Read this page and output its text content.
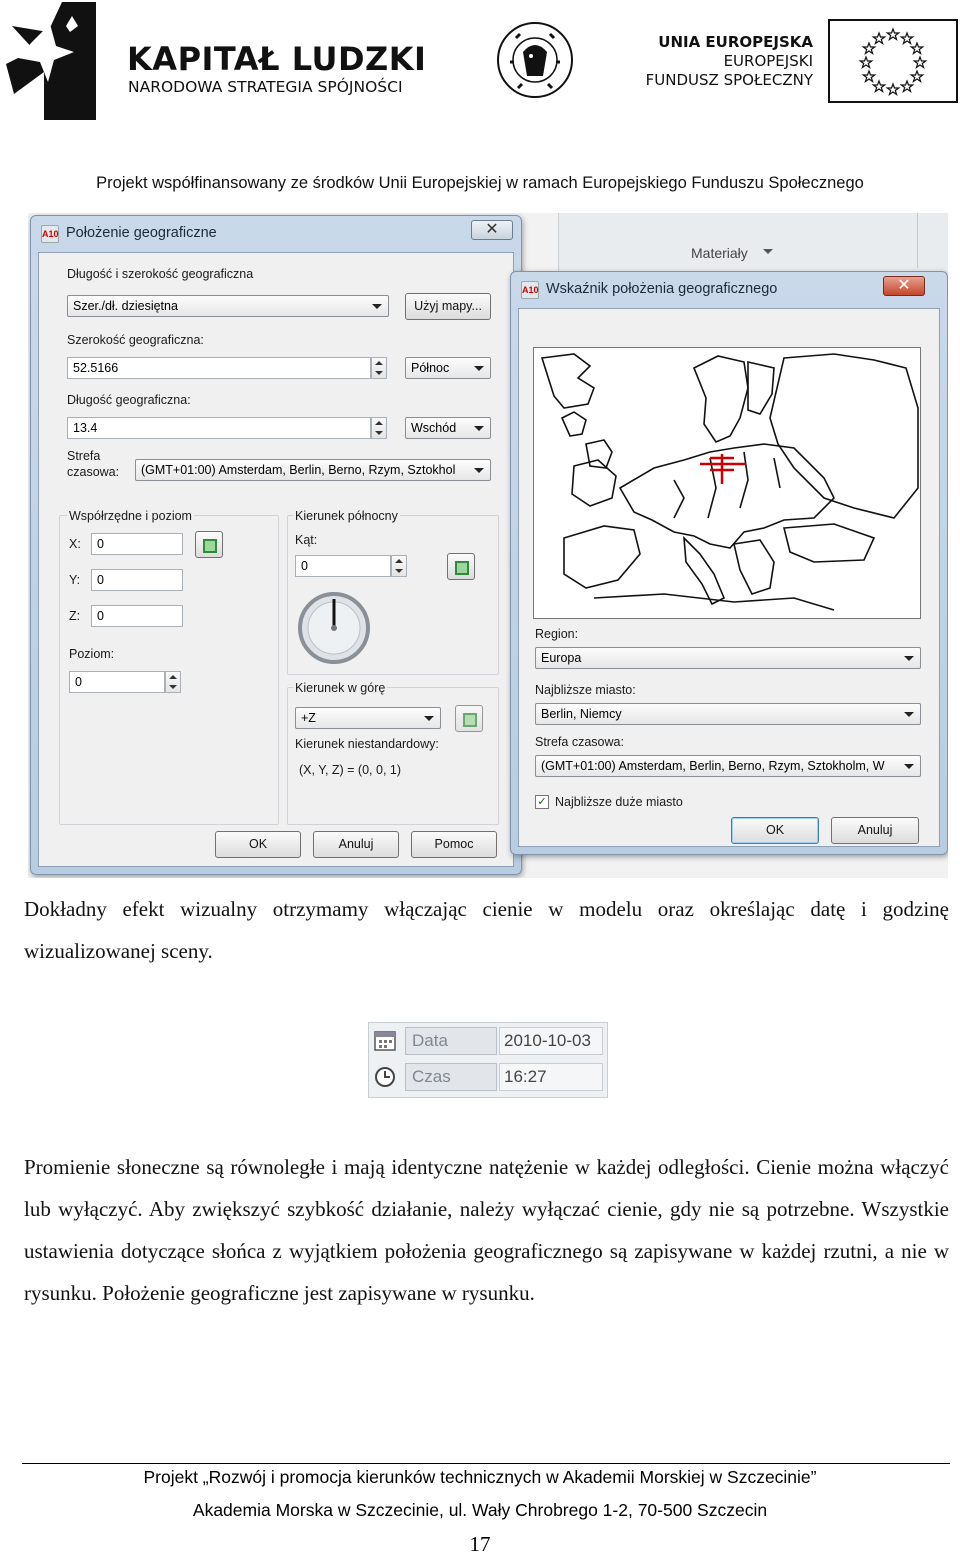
KAPITAŁ LUDZKI
NARODOWA STRATEGIA SPÓJNOŚCI
UNIA EUROPEJSKA
EUROPEJSKI
FUNDUSZ SPOŁECZNY
Projekt współfinansowany ze środków Unii Europejskiej w ramach Europejskiego Funduszu Społecznego
Materiały
A10 Położenie geograficzne	✕
Długość i szerokość geograficzna
Szer./dł. dziesiętna	Użyj mapy...
Szerokość geograficzna:
52.5166	Północ
Długość geograficzna:
13.4	Wschód
Strefa
czasowa:	(GMT+01:00) Amsterdam, Berlin, Berno, Rzym, Sztokhol
Współrzędne i poziom
X:	0
Y:	0
Z:	0
Poziom:
0
Kierunek północny
Kąt:
0
Kierunek w górę
+Z
Kierunek niestandardowy:
(X, Y, Z) = (0, 0, 1)
OK	Anuluj	Pomoc
A10 Wskaźnik położenia geograficznego	✕
Region:
Europa
Najbliższe miasto:
Berlin, Niemcy
Strefa czasowa:
(GMT+01:00) Amsterdam, Berlin, Berno, Rzym, Sztokholm, W
✓ Najbliższe duże miasto
OK	Anuluj

Dokładny efekt wizualny otrzymamy włączając cienie w modelu oraz określając datę i godzinę wizualizowanej sceny.

Data	2010-10-03
Czas	16:27

Promienie słoneczne są równoległe i mają identyczne natężenie w każdej odległości. Cienie można włączyć lub wyłączyć. Aby zwiększyć szybkość działanie, należy wyłączać cienie, gdy nie są potrzebne. Wszystkie ustawienia dotyczące słońca z wyjątkiem położenia geograficznego są zapisywane w każdej rzutni, a nie w rysunku. Położenie geograficzne jest zapisywane w rysunku.

Projekt „Rozwój i promocja kierunków technicznych w Akademii Morskiej w Szczecinie”
Akademia Morska w Szczecinie, ul. Wały Chrobrego 1-2, 70-500 Szczecin
17
